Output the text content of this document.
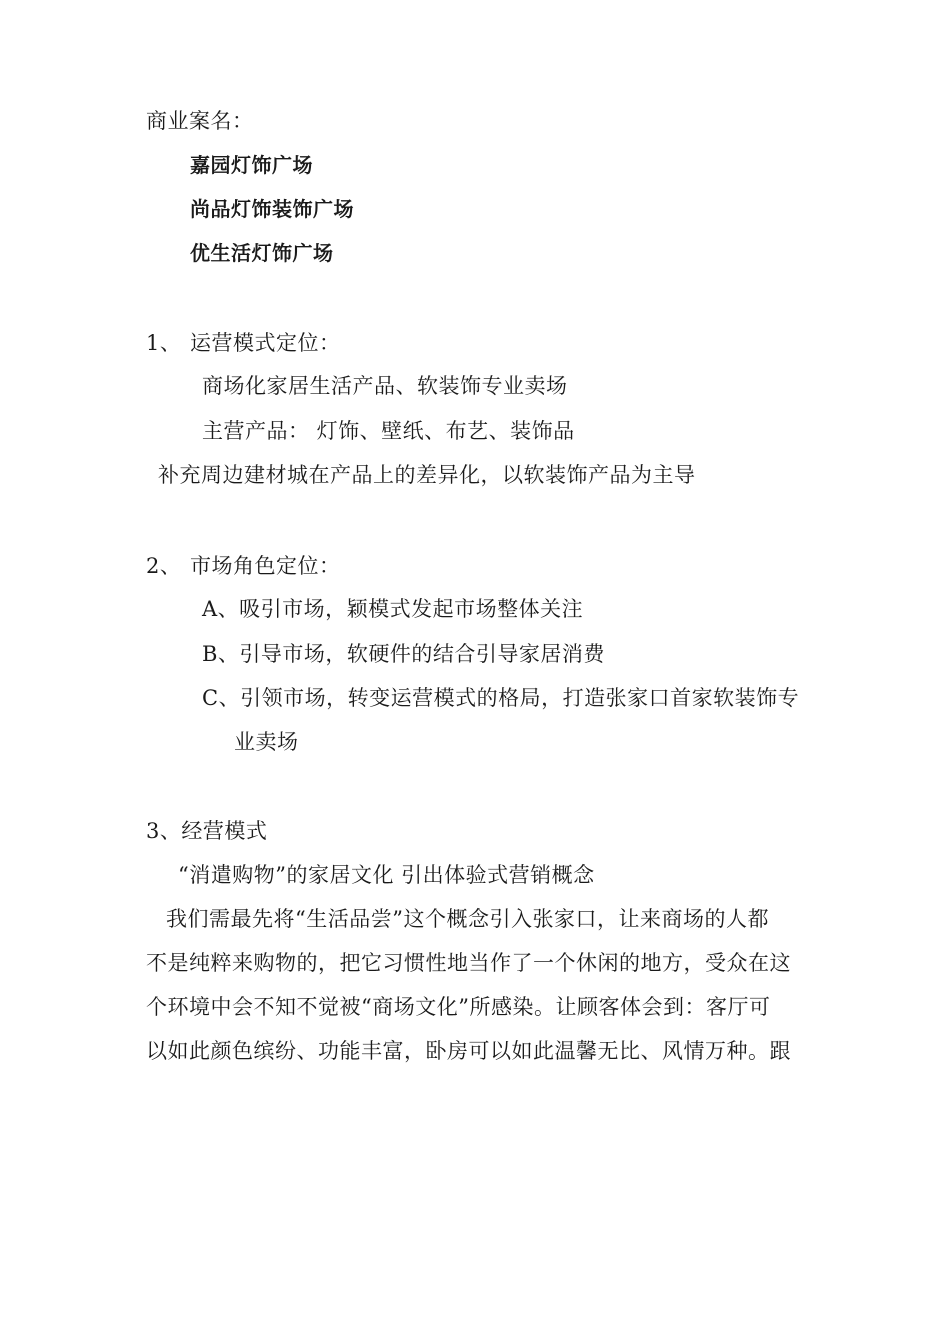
商业案名：
嘉园灯饰广场
尚品灯饰装饰广场
优生活灯饰广场
1、 运营模式定位：
商场化家居生活产品、软装饰专业卖场
主营产品： 灯饰、壁纸、布艺、装饰品
补充周边建材城在产品上的差异化，以软装饰产品为主导
2、 市场角色定位：
A、吸引市场，颖模式发起市场整体关注
B、引导市场，软硬件的结合引导家居消费
C、引领市场，转变运营模式的格局，打造张家口首家软装饰专
业卖场
3、经营模式
“消遣购物”的家居文化 引出体验式营销概念
我们需最先将“生活品尝”这个概念引入张家口，让来商场的人都
不是纯粹来购物的，把它习惯性地当作了一个休闲的地方，受众在这
个环境中会不知不觉被“商场文化”所感染。让顾客体会到：客厅可
以如此颜色缤纷、功能丰富，卧房可以如此温馨无比、风情万种。跟
